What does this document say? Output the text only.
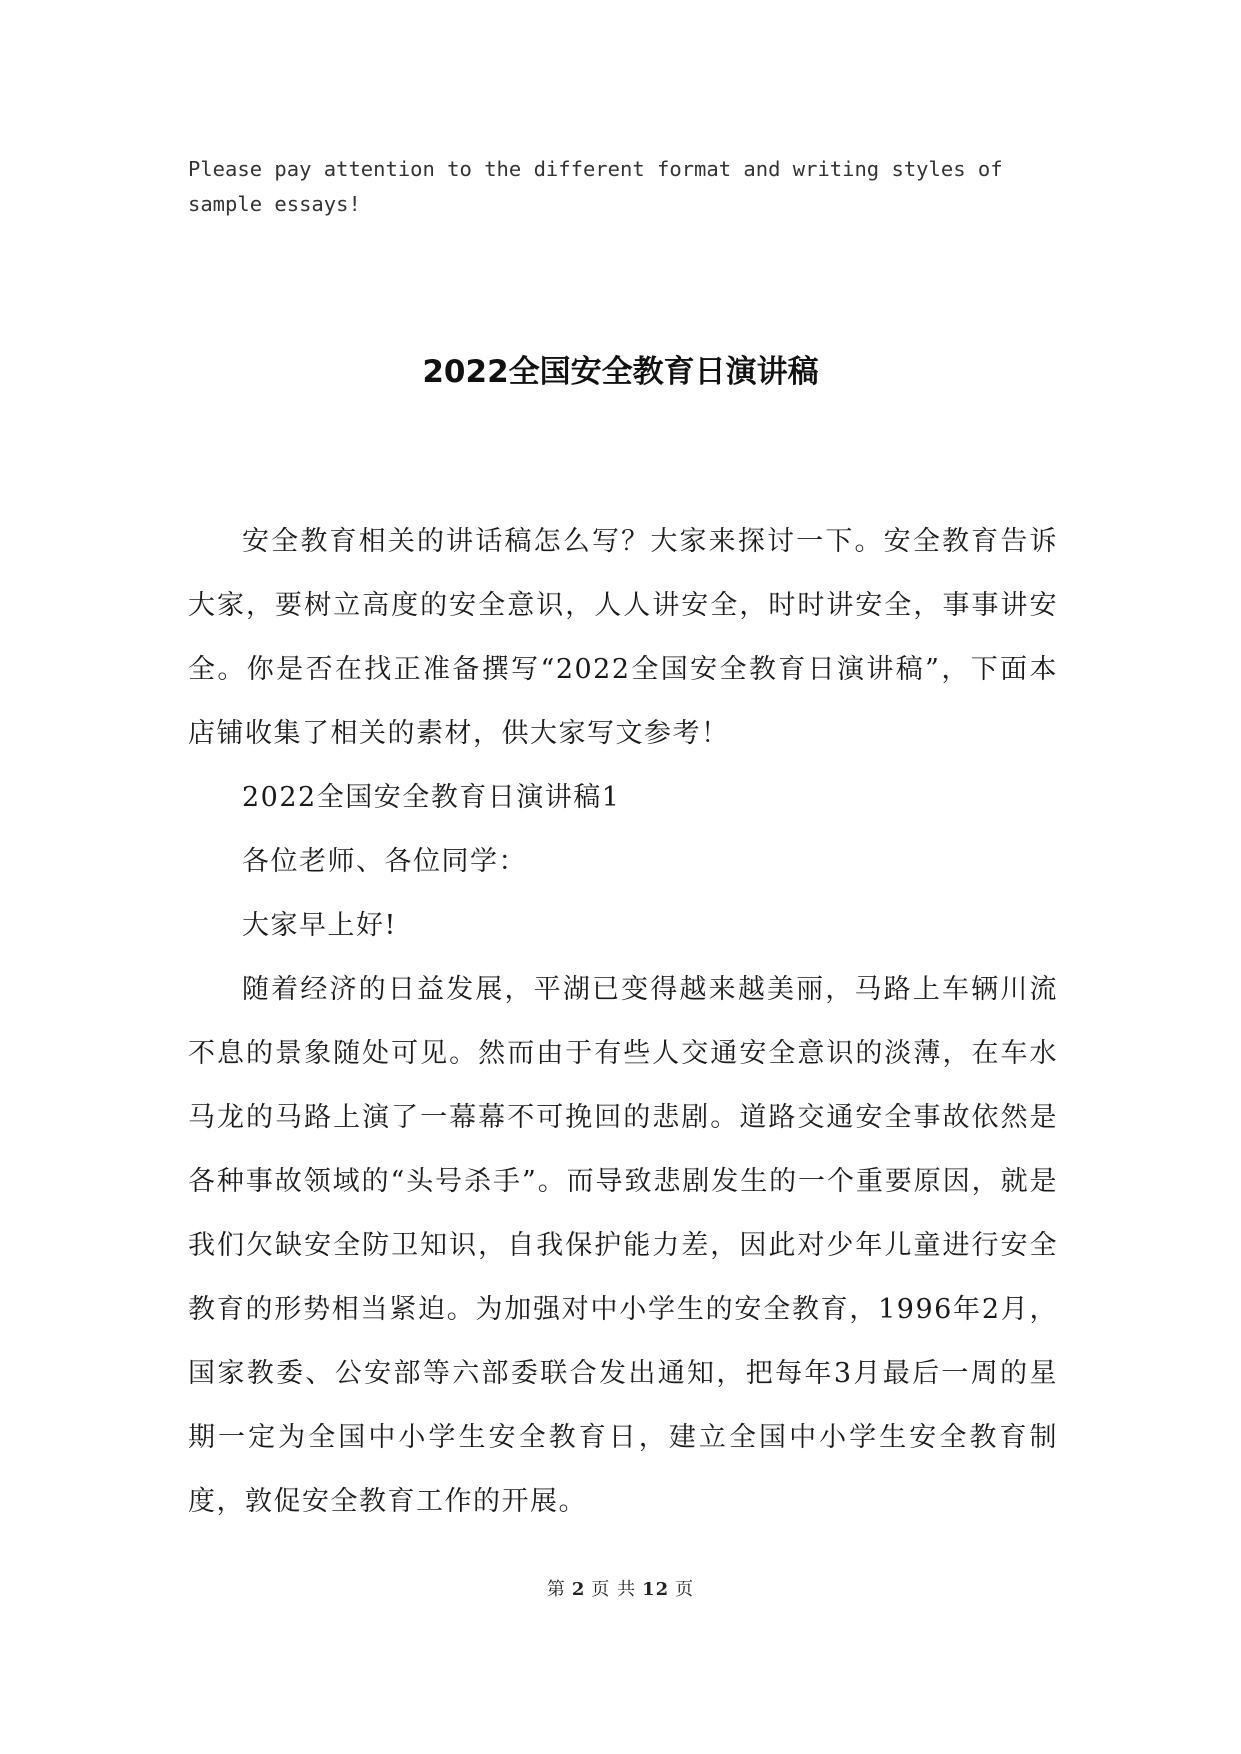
Please pay attention to the different format and writing styles of sample essays!

2022全国安全教育日演讲稿

安全教育相关的讲话稿怎么写？大家来探讨一下。安全教育告诉大家，要树立高度的安全意识，人人讲安全，时时讲安全，事事讲安全。你是否在找正准备撰写“2022全国安全教育日演讲稿”，下面本店铺收集了相关的素材，供大家写文参考！

2022全国安全教育日演讲稿1

各位老师、各位同学：

大家早上好!

随着经济的日益发展，平湖已变得越来越美丽，马路上车辆川流不息的景象随处可见。然而由于有些人交通安全意识的淡薄，在车水马龙的马路上演了一幕幕不可挽回的悲剧。道路交通安全事故依然是各种事故领域的“头号杀手”。而导致悲剧发生的一个重要原因，就是我们欠缺安全防卫知识，自我保护能力差，因此对少年儿童进行安全教育的形势相当紧迫。为加强对中小学生的安全教育，1996年2月，国家教委、公安部等六部委联合发出通知，把每年3月最后一周的星期一定为全国中小学生安全教育日，建立全国中小学生安全教育制度，敦促安全教育工作的开展。

第 2 页 共 12 页
